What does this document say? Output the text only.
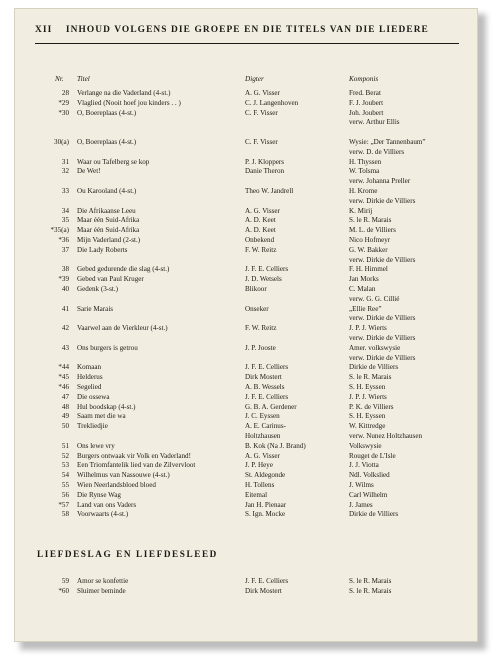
XII INHOUD VOLGENS DIE GROEPE EN DIE TITELS VAN DIE LIEDERE
Nr. Titel	Digter	Komponis
28 Verlange na die Vaderland (4-st.)	A. G. Visser	Fred. Berat
*29 Vlaglied (Nooit hoef jou kinders . . )	C. J. Langenhoven	F. J. Joubert
*30 O, Boereplaas (4-st.)	C. F. Visser	Joh. Joubert
verw. Arthur Ellis
30(a) O, Boereplaas (4-st.)	C. F. Visser	Wysie: „Der Tannenbaum”
verw. D. de Villiers
31 Waar ou Tafelberg se kop	P. J. Kloppers	H. Thyssen
32 De Wet!	Danie Theron	W. Tolsma
verw. Johanna Preller
33 Ou Karooland (4-st.)	Theo W. Jandrell	H. Krome
verw. Dirkie de Villiers
34 Die Afrikaanse Leeu	A. G. Visser	K. Mirij
35 Maar één Suid-Afrika	A. D. Keet	S. le R. Marais
*35(a) Maar één Suid-Afrika	A. D. Keet	M. L. de Villiers
*36 Mijn Vaderland (2-st.)	Onbekend	Nico Hofmeyr
37 Die Lady Roberts	F. W. Reitz	G. W. Bakker
verw. Dirkie de Villiers
38 Gebed gedurende die slag (4-st.)	J. F. E. Celliers	F. H. Himmel
*39 Gebed van Paul Kruger	J. D. Wetsels	Jan Morks
40 Gedenk (3-st.)	Blikoor	C. Malan
verw. G. G. Cillié
41 Sarie Marais	Onseker	„Ellie Ree”
verw. Dirkie de Villiers
42 Vaarwel aan de Vierkleur (4-st.)	F. W. Reitz	J. P. J. Wierts
verw. Dirkie de Villiers
43 Ons burgers is getrou	J. P. Jooste	Amer. volkswysie
verw. Dirkie de Villiers
*44 Komaan	J. F. E. Celliers	Dirkie de Villiers
*45 Helderus	Dirk Mostert	S. le R. Marais
*46 Segelied	A. B. Wessels	S. H. Eyssen
47 Die ossewa	J. F. E. Celliers	J. P. J. Wierts
48 Hul boodskap (4-st.)	G. B. A. Gerdener	P. K. de Villiers
49 Saam met die wa	J. C. Eyssen	S. H. Eyssen
50 Trekliedjie	A. E. Carinus-	W. Kittredge
Holtzhausen	verw. Nunez Holtzhausen
51 Ons lewe vry	B. Kok (Na J. Brand)	Volkswysie
52 Burgers ontwaak vir Volk en Vaderland!	A. G. Visser	Rouget de L'Isle
53 Een Triomfantelik lied van de Zilvervloot	J. P. Heye	J. J. Viotta
54 Wilhelmus van Nassouwe (4-st.)	St. Aldegonde	Ndl. Volkslied
55 Wien Neerlandsbloed bloed	H. Tollens	J. Wilms
56 Die Rynse Wag	Eitemal	Carl Wilhelm
*57 Land van ons Vaders	Jan H. Pienaar	J. James
58 Voorwaarts (4-st.)	S. Ign. Mocke	Dirkie de Villiers
LIEFDESLAG EN LIEFDESLEED
59 Amor se konfettie	J. F. E. Celliers	S. le R. Marais
*60 Sluimer beminde	Dirk Mostert	S. le R. Marais
